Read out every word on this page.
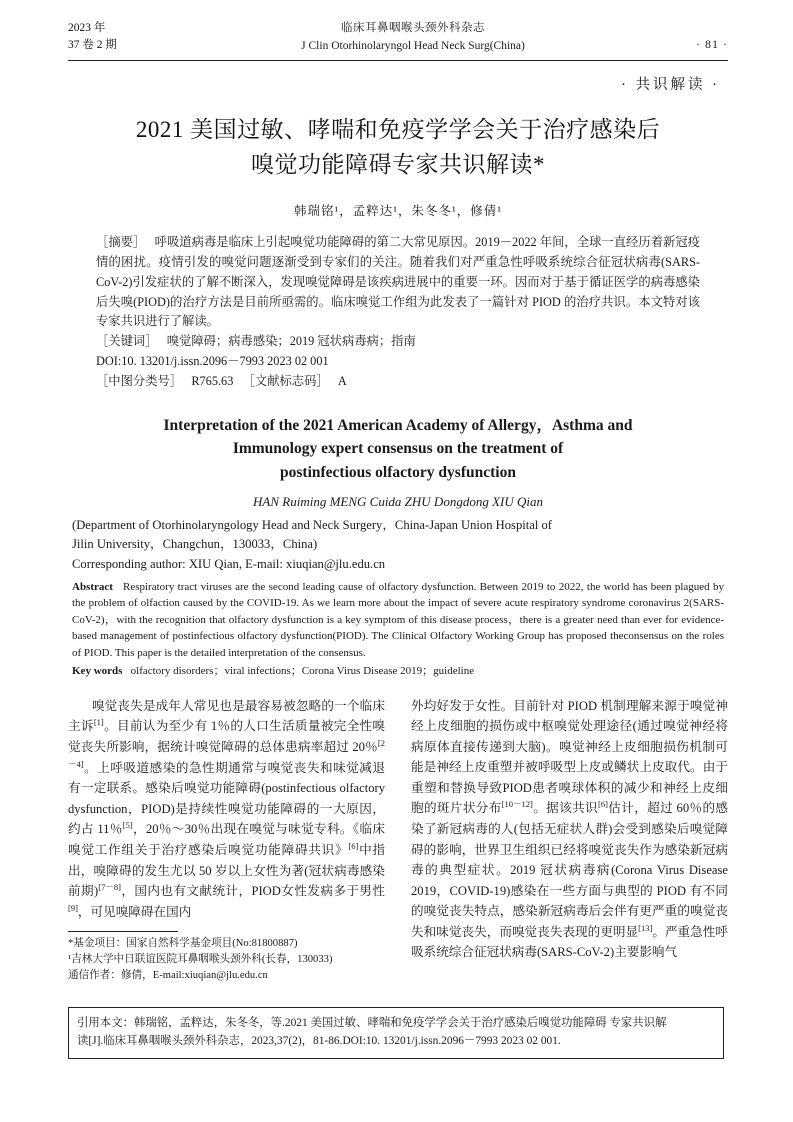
2023 年
37 卷 2 期
临床耳鼻咽喉头颈外科杂志
J Clin Otorhinolaryngol Head Neck Surg(China)	· 81 ·
· 共识解读 ·
2021 美国过敏、哮喘和免疫学学会关于治疗感染后
嗅觉功能障碍专家共识解读*
韩瑞铭¹，孟粹达¹，朱冬冬¹，修倩¹

［摘要］ 呼吸道病毒是临床上引起嗅觉功能障碍的第二大常见原因。2019－2022 年间，全球一直经历着新冠疫情的困扰。疫情引发的嗅觉问题逐渐受到专家们的关注。随着我们对严重急性呼吸系统综合征冠状病毒(SARS-CoV-2)引发症状的了解不断深入，发现嗅觉障碍是该疾病进展中的重要一环。因而对于基于循证医学的病毒感染后失嗅(PIOD)的治疗方法是目前所亟需的。临床嗅觉工作组为此发表了一篇针对 PIOD 的治疗共识。本文特对该专家共识进行了解读。

［关键词］ 嗅觉障碍；病毒感染；2019 冠状病毒病；指南
DOI:10. 13201/j.issn.2096－7993 2023 02 001
［中图分类号］ R765.63 ［文献标志码］ A
Interpretation of the 2021 American Academy of Allergy，Asthma and
Immunology expert consensus on the treatment of
postinfectious olfactory dysfunction
HAN Ruiming MENG Cuida ZHU Dongdong XIU Qian
(Department of Otorhinolaryngology Head and Neck Surgery，China-Japan Union Hospital of
Jilin University，Changchun，130033，China)
Corresponding author: XIU Qian, E-mail: xiuqian@jlu.edu.cn
Abstract Respiratory tract viruses are the second leading cause of olfactory dysfunction. Between 2019 to 2022, the world has been plagued by the problem of olfaction caused by the COVID-19. As we learn more about the impact of severe acute respiratory syndrome coronavirus 2(SARS-CoV-2)，with the recognition that olfactory dysfunction is a key symptom of this disease process，there is a greater need than ever for evidence-based management of postinfectious olfactory dysfunction(PIOD). The Clinical Olfactory Working Group has proposed theconsensus on the roles of PIOD. This paper is the detailed interpretation of the consensus.
Key words olfactory disorders；viral infections；Corona Virus Disease 2019；guideline

嗅觉丧失是成年人常见也是最容易被忽略的一个临床主诉[1]。目前认为至少有 1％的人口生活质量被完全性嗅觉丧失所影响，据统计嗅觉障碍的总体患病率超过 20％[2－4]。上呼吸道感染的急性期通常与嗅觉丧失和味觉减退有一定联系。感染后嗅觉功能障碍(postinfectious olfactory dysfunction，PIOD)是持续性嗅觉功能障碍的一大原因，约占 11％[5]，20％～30％出现在嗅觉与味觉专科。《临床嗅觉工作组关于治疗感染后嗅觉功能障碍共识》[6]中指出，嗅障碍的发生尤以 50 岁以上女性为著(冠状病毒感染前期)[7－8]，国内也有文献统计，PIOD女性发病多于男性[9]，可见嗅障碍在国内

*基金项目：国家自然科学基金项目(No:81800887)
¹吉林大学中日联谊医院耳鼻咽喉头颈外科(长春，130033)
通信作者：修倩，E-mail:xiuqian@jlu.edu.cn

外均好发于女性。目前针对 PIOD 机制理解来源于嗅觉神经上皮细胞的损伤或中枢嗅觉处理途径(通过嗅觉神经将病原体直接传递到大脑)。嗅觉神经上皮细胞损伤机制可能是神经上皮重塑并被呼吸型上皮或鳞状上皮取代。由于重塑和替换导致PIOD患者嗅球体积的减少和神经上皮细胞的斑片状分布[10－12]。据该共识[6]估计，超过 60％的感染了新冠病毒的人(包括无症状人群)会受到感染后嗅觉障碍的影响，世界卫生组织已经将嗅觉丧失作为感染新冠病毒的典型症状。2019 冠状病毒病(Corona Virus Disease 2019，COVID-19)感染在一些方面与典型的 PIOD 有不同的嗅觉丧失特点，感染新冠病毒后会伴有更严重的嗅觉丧失和味觉丧失，而嗅觉丧失表现的更明显[13]。严重急性呼吸系统综合征冠状病毒(SARS-CoV-2)主要影响气

引用本文：韩瑞铭，孟粹达，朱冬冬，等.2021 美国过敏、哮喘和免疫学学会关于治疗感染后嗅觉功能障碍 专家共识解
读[J].临床耳鼻咽喉头颈外科杂志，2023,37(2)，81-86.DOI:10. 13201/j.issn.2096－7993 2023 02 001.
